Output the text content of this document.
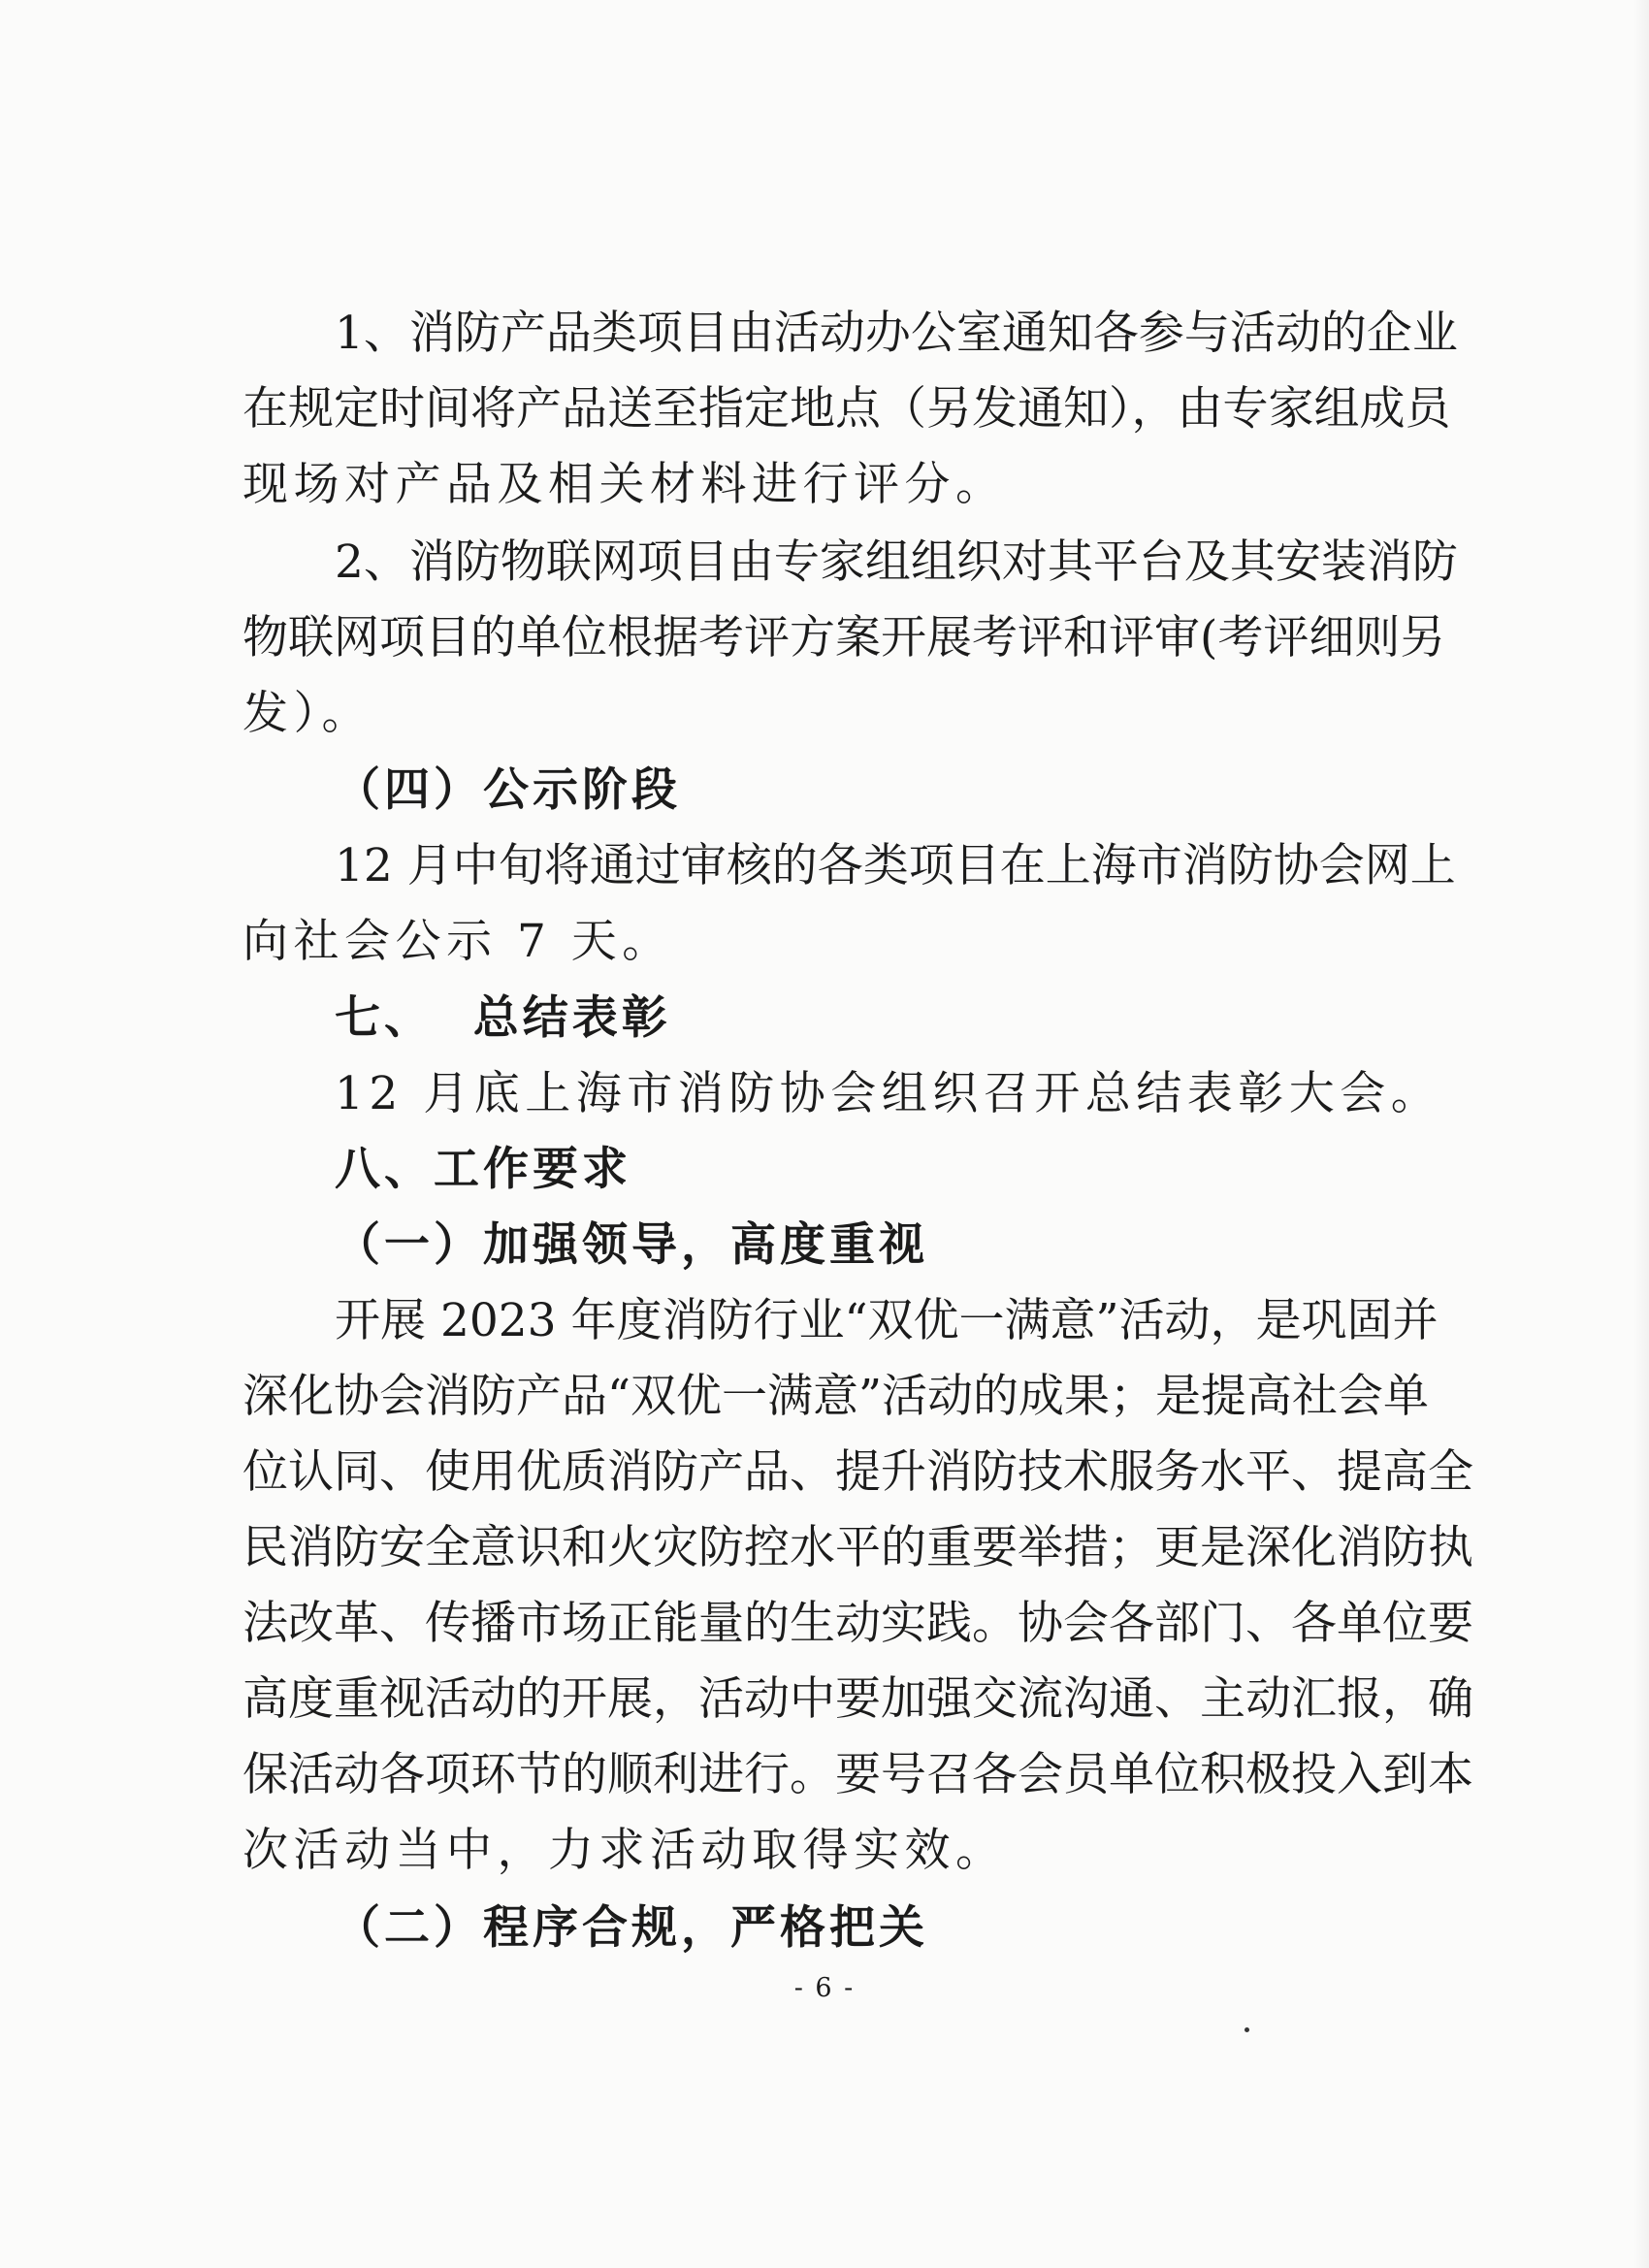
1、消防产品类项目由活动办公室通知各参与活动的企业
在规定时间将产品送至指定地点（另发通知），由专家组成员
现场对产品及相关材料进行评分。
2、消防物联网项目由专家组组织对其平台及其安装消防
物联网项目的单位根据考评方案开展考评和评审(考评细则另
发）。
（四）公示阶段
12 月中旬将通过审核的各类项目在上海市消防协会网上
向社会公示 7 天。
七、  总结表彰
12 月底上海市消防协会组织召开总结表彰大会。
八、工作要求
（一）加强领导，高度重视
开展 2023 年度消防行业“双优一满意”活动，是巩固并
深化协会消防产品“双优一满意”活动的成果；是提高社会单
位认同、使用优质消防产品、提升消防技术服务水平、提高全
民消防安全意识和火灾防控水平的重要举措；更是深化消防执
法改革、传播市场正能量的生动实践。协会各部门、各单位要
高度重视活动的开展，活动中要加强交流沟通、主动汇报，确
保活动各项环节的顺利进行。要号召各会员单位积极投入到本
次活动当中，力求活动取得实效。
（二）程序合规，严格把关
- 6 -
